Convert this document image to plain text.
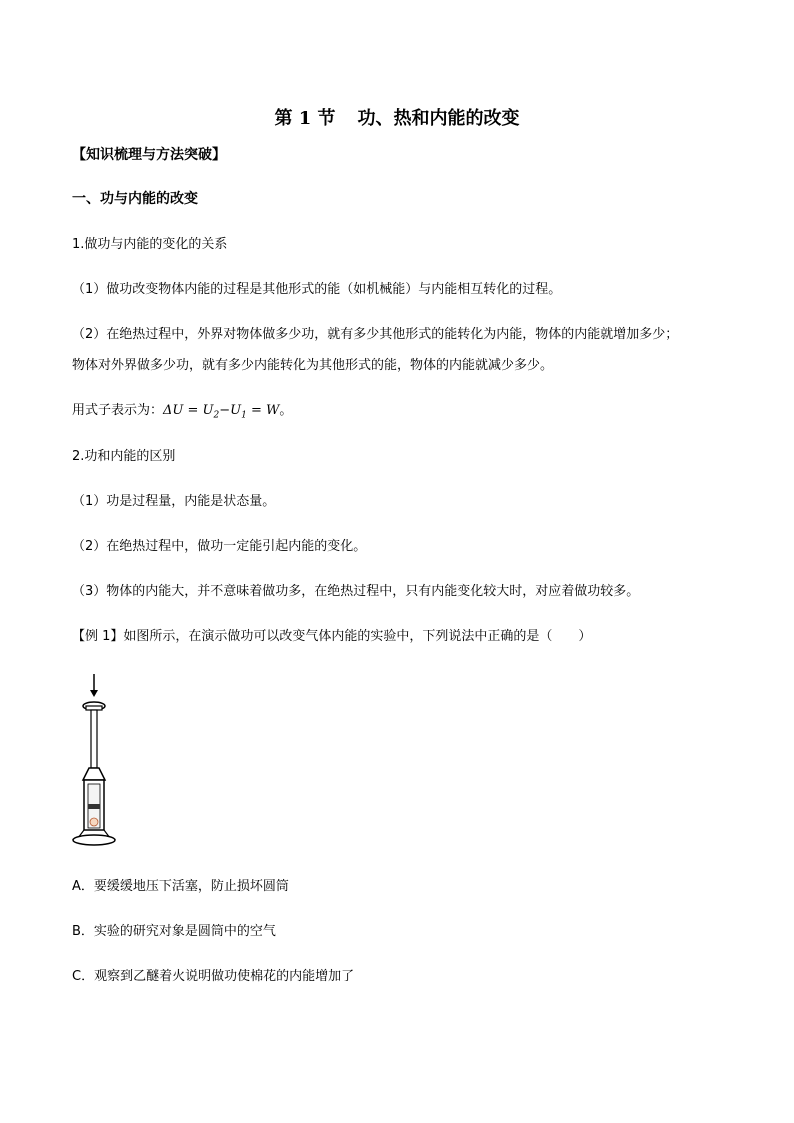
第 1 节 功、热和内能的改变
【知识梳理与方法突破】
一、功与内能的改变
1.做功与内能的变化的关系
（1）做功改变物体内能的过程是其他形式的能（如机械能）与内能相互转化的过程。
（2）在绝热过程中，外界对物体做多少功，就有多少其他形式的能转化为内能，物体的内能就增加多少；
物体对外界做多少功，就有多少内能转化为其他形式的能，物体的内能就减少多少。
用式子表示为：$\Delta U = U_2-U_1 = W$。
2.功和内能的区别
（1）功是过程量，内能是状态量。
（2）在绝热过程中，做功一定能引起内能的变化。
（3）物体的内能大，并不意味着做功多，在绝热过程中，只有内能变化较大时，对应着做功较多。
【例 1】如图所示，在演示做功可以改变气体内能的实验中，下列说法中正确的是（　　）
A．要缓缓地压下活塞，防止损坏圆筒
B．实验的研究对象是圆筒中的空气
C．观察到乙醚着火说明做功使棉花的内能增加了
